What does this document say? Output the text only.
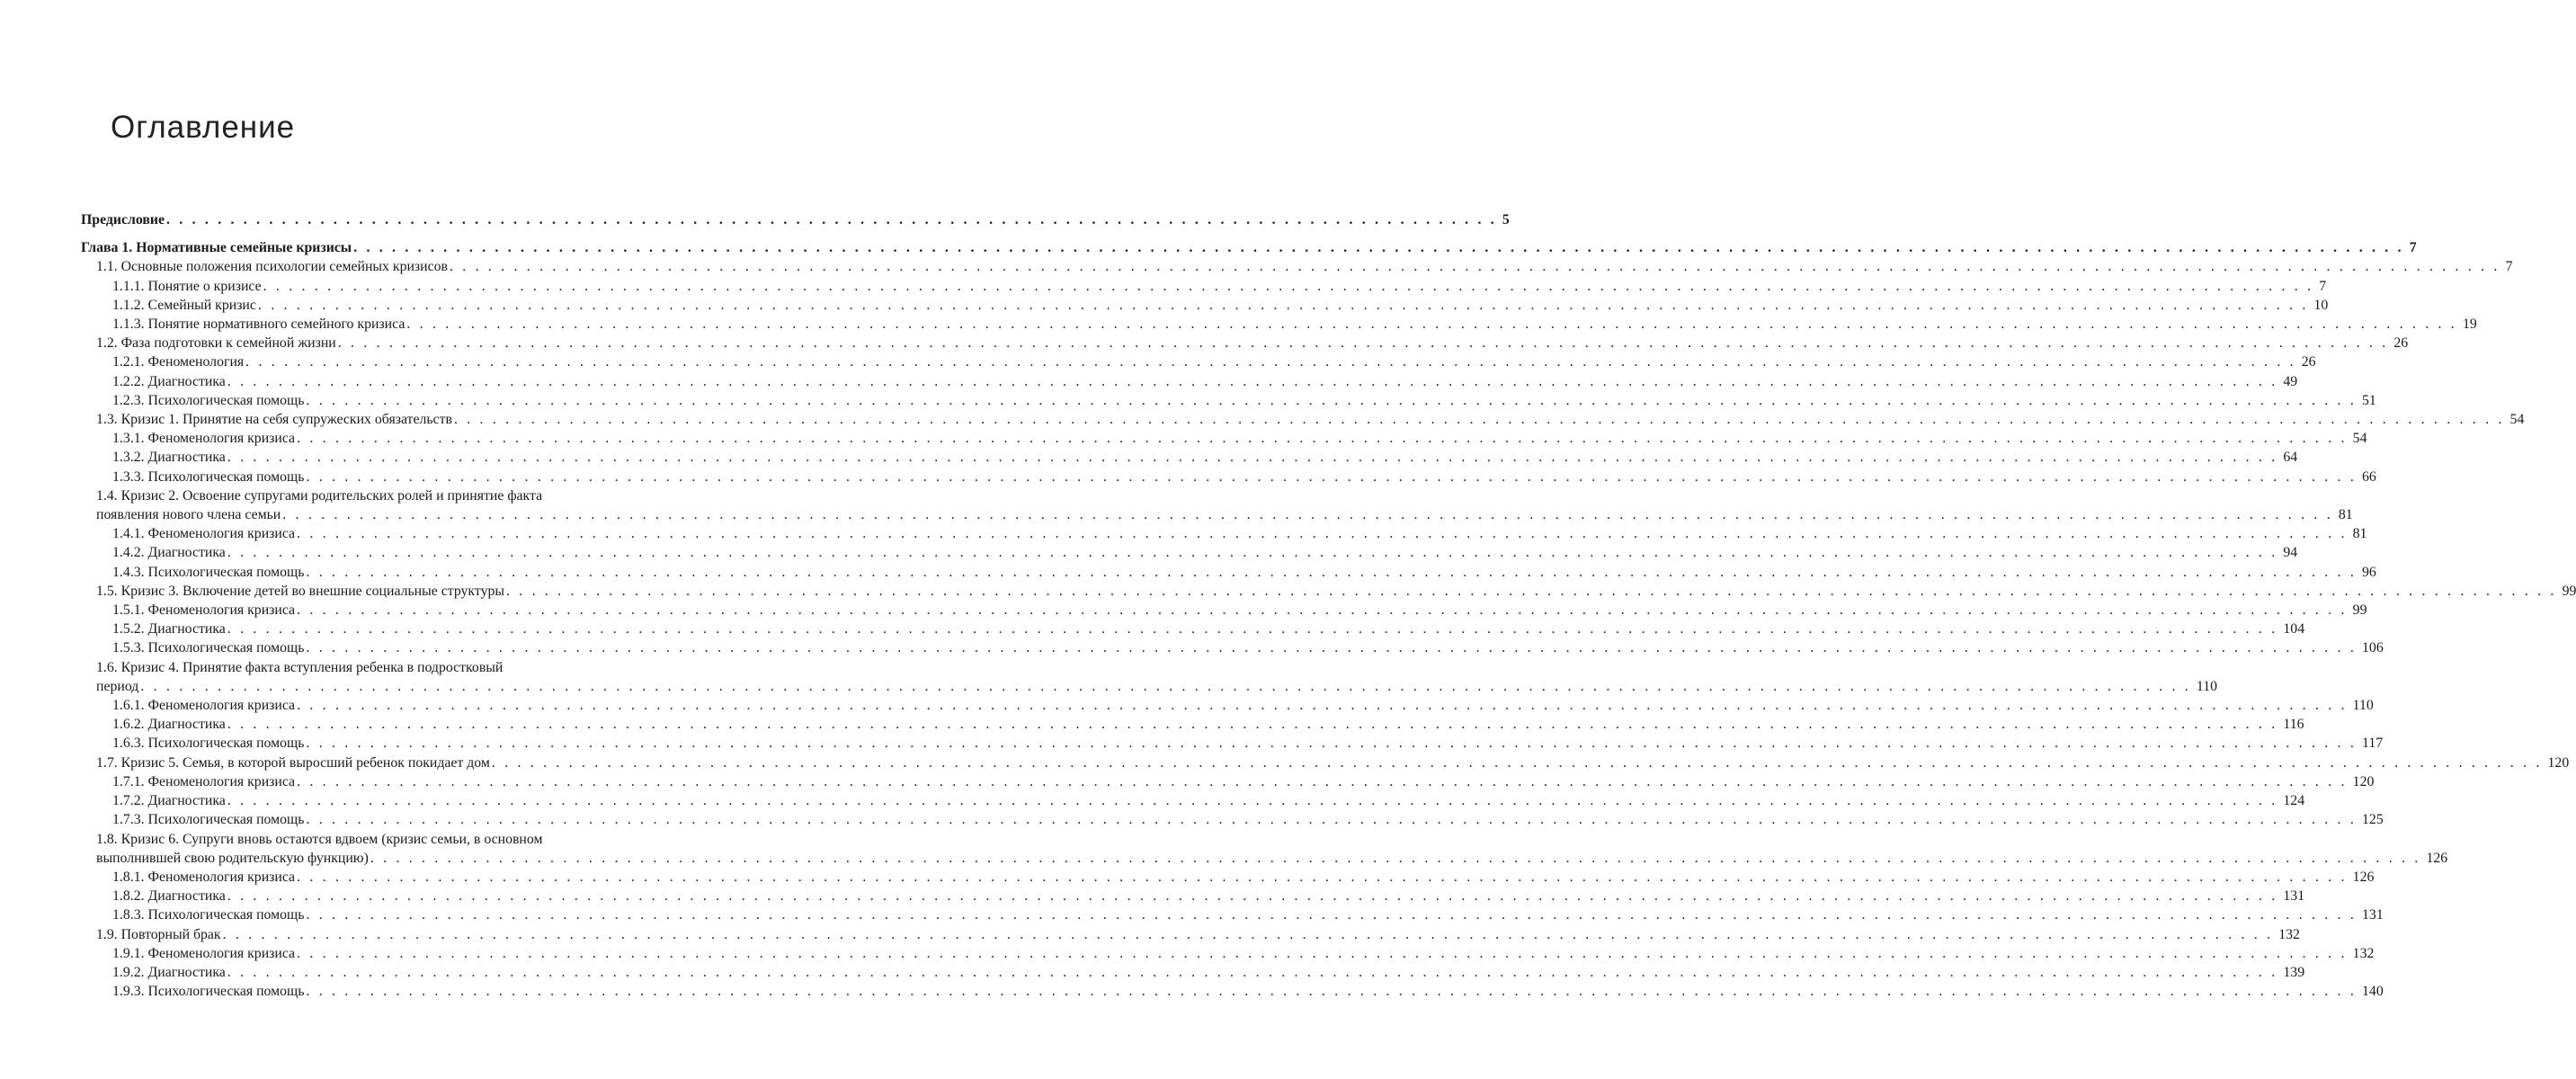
Оглавление
Предисловие . . . . . . . . . . . . . . . . . . . . . . . . . . . . . . . . . . . . . . . . . . . . . . . . . . . . . . . . . . . . . . . . . . . . . . . . . . . . . . . . . . . . . . . . . . . . . . . . . . . . . . . . 5
Глава 1. Нормативные семейные кризисы . . . . . . . . . . . . . . . . . . . . . . . . . . . . . . . . . . . . . . . . . . . . . . . . . . . . . . . . . . . . . . . . . . . . . . . . . . . . . . . . . . . . . . . . . . . . . . . . . . . . . . . . . . . . . . . . . . . . . . . . . . . . . . . . . . . . . . . . . . . . . . . . . . . . . . . . . . . . . . . . 7
1.1. Основные положения психологии семейных кризисов . . . . . . . . . . . . . . . . . . . . . . . . . . . . . . . . . . . . . . . . . . . . . . . . . . . . . . . . . . . . . . . . . . . . . . . . . . . . . . . . . . . . . . . . . . . . . . . . . . . . . . . . . . . . . . . . . . . . . . . . . . . . . . . . . . . . . . . . . . . . . . . . . . . . . . . . . . . . . . . . 7
1.1.1. Понятие о кризисе . . . . . . . . . . . . . . . . . . . . . . . . . . . . . . . . . . . . . . . . . . . . . . . . . . . . . . . . . . . . . . . . . . . . . . . . . . . . . . . . . . . . . . . . . . . . . . . . . . . . . . . . . . . . . . . . . . . . . . . . . . . . . . . . . . . . . . . . . . . . . . . . . . . . . . . . . . . . . . . . 7
1.1.2. Семейный кризис . . . . . . . . . . . . . . . . . . . . . . . . . . . . . . . . . . . . . . . . . . . . . . . . . . . . . . . . . . . . . . . . . . . . . . . . . . . . . . . . . . . . . . . . . . . . . . . . . . . . . . . . . . . . . . . . . . . . . . . . . . . . . . . . . . . . . . . . . . . . . . . . . . . . . . . . . . . . . . . . 10
1.1.3. Понятие нормативного семейного кризиса . . . . . . . . . . . . . . . . . . . . . . . . . . . . . . . . . . . . . . . . . . . . . . . . . . . . . . . . . . . . . . . . . . . . . . . . . . . . . . . . . . . . . . . . . . . . . . . . . . . . . . . . . . . . . . . . . . . . . . . . . . . . . . . . . . . . . . . . . . . . . . . . . . . . . . . . . . . . . . . . 19
1.2. Фаза подготовки к семейной жизни . . . . . . . . . . . . . . . . . . . . . . . . . . . . . . . . . . . . . . . . . . . . . . . . . . . . . . . . . . . . . . . . . . . . . . . . . . . . . . . . . . . . . . . . . . . . . . . . . . . . . . . . . . . . . . . . . . . . . . . . . . . . . . . . . . . . . . . . . . . . . . . . . . . . . . . . . . . . . . . . 26
1.2.1. Феноменология . . . . . . . . . . . . . . . . . . . . . . . . . . . . . . . . . . . . . . . . . . . . . . . . . . . . . . . . . . . . . . . . . . . . . . . . . . . . . . . . . . . . . . . . . . . . . . . . . . . . . . . . . . . . . . . . . . . . . . . . . . . . . . . . . . . . . . . . . . . . . . . . . . . . . . . . . . . . . . . . 26
1.2.2. Диагностика . . . . . . . . . . . . . . . . . . . . . . . . . . . . . . . . . . . . . . . . . . . . . . . . . . . . . . . . . . . . . . . . . . . . . . . . . . . . . . . . . . . . . . . . . . . . . . . . . . . . . . . . . . . . . . . . . . . . . . . . . . . . . . . . . . . . . . . . . . . . . . . . . . . . . . . . . . . . . . . . 49
1.2.3. Психологическая помощь . . . . . . . . . . . . . . . . . . . . . . . . . . . . . . . . . . . . . . . . . . . . . . . . . . . . . . . . . . . . . . . . . . . . . . . . . . . . . . . . . . . . . . . . . . . . . . . . . . . . . . . . . . . . . . . . . . . . . . . . . . . . . . . . . . . . . . . . . . . . . . . . . . . . . . . . . . . . . . . . 51
1.3. Кризис 1. Принятие на себя супружеских обязательств . . . . . . . . . . . . . . . . . . . . . . . . . . . . . . . . . . . . . . . . . . . . . . . . . . . . . . . . . . . . . . . . . . . . . . . . . . . . . . . . . . . . . . . . . . . . . . . . . . . . . . . . . . . . . . . . . . . . . . . . . . . . . . . . . . . . . . . . . . . . . . . . . . . . . . . . . . . . . . . . 54
1.3.1. Феноменология кризиса . . . . . . . . . . . . . . . . . . . . . . . . . . . . . . . . . . . . . . . . . . . . . . . . . . . . . . . . . . . . . . . . . . . . . . . . . . . . . . . . . . . . . . . . . . . . . . . . . . . . . . . . . . . . . . . . . . . . . . . . . . . . . . . . . . . . . . . . . . . . . . . . . . . . . . . . . . . . . . . . 54
1.3.2. Диагностика . . . . . . . . . . . . . . . . . . . . . . . . . . . . . . . . . . . . . . . . . . . . . . . . . . . . . . . . . . . . . . . . . . . . . . . . . . . . . . . . . . . . . . . . . . . . . . . . . . . . . . . . . . . . . . . . . . . . . . . . . . . . . . . . . . . . . . . . . . . . . . . . . . . . . . . . . . . . . . . . 64
1.3.3. Психологическая помощь . . . . . . . . . . . . . . . . . . . . . . . . . . . . . . . . . . . . . . . . . . . . . . . . . . . . . . . . . . . . . . . . . . . . . . . . . . . . . . . . . . . . . . . . . . . . . . . . . . . . . . . . . . . . . . . . . . . . . . . . . . . . . . . . . . . . . . . . . . . . . . . . . . . . . . . . . . . . . . . . 66
1.4. Кризис 2. Освоение супругами родительских ролей и принятие факта
появления нового члена семьи . . . . . . . . . . . . . . . . . . . . . . . . . . . . . . . . . . . . . . . . . . . . . . . . . . . . . . . . . . . . . . . . . . . . . . . . . . . . . . . . . . . . . . . . . . . . . . . . . . . . . . . . . . . . . . . . . . . . . . . . . . . . . . . . . . . . . . . . . . . . . . . . . . . . . . . . . . . . . . . . 81
1.4.1. Феноменология кризиса . . . . . . . . . . . . . . . . . . . . . . . . . . . . . . . . . . . . . . . . . . . . . . . . . . . . . . . . . . . . . . . . . . . . . . . . . . . . . . . . . . . . . . . . . . . . . . . . . . . . . . . . . . . . . . . . . . . . . . . . . . . . . . . . . . . . . . . . . . . . . . . . . . . . . . . . . . . . . . . . 81
1.4.2. Диагностика . . . . . . . . . . . . . . . . . . . . . . . . . . . . . . . . . . . . . . . . . . . . . . . . . . . . . . . . . . . . . . . . . . . . . . . . . . . . . . . . . . . . . . . . . . . . . . . . . . . . . . . . . . . . . . . . . . . . . . . . . . . . . . . . . . . . . . . . . . . . . . . . . . . . . . . . . . . . . . . . 94
1.4.3. Психологическая помощь . . . . . . . . . . . . . . . . . . . . . . . . . . . . . . . . . . . . . . . . . . . . . . . . . . . . . . . . . . . . . . . . . . . . . . . . . . . . . . . . . . . . . . . . . . . . . . . . . . . . . . . . . . . . . . . . . . . . . . . . . . . . . . . . . . . . . . . . . . . . . . . . . . . . . . . . . . . . . . . . 96
1.5. Кризис 3. Включение детей во внешние социальные структуры . . . . . . . . . . . . . . . . . . . . . . . . . . . . . . . . . . . . . . . . . . . . . . . . . . . . . . . . . . . . . . . . . . . . . . . . . . . . . . . . . . . . . . . . . . . . . . . . . . . . . . . . . . . . . . . . . . . . . . . . . . . . . . . . . . . . . . . . . . . . . . . . . . . . . . . . . . . . . . . . 99
1.5.1. Феноменология кризиса . . . . . . . . . . . . . . . . . . . . . . . . . . . . . . . . . . . . . . . . . . . . . . . . . . . . . . . . . . . . . . . . . . . . . . . . . . . . . . . . . . . . . . . . . . . . . . . . . . . . . . . . . . . . . . . . . . . . . . . . . . . . . . . . . . . . . . . . . . . . . . . . . . . . . . . . . . . . . . . . 99
1.5.2. Диагностика . . . . . . . . . . . . . . . . . . . . . . . . . . . . . . . . . . . . . . . . . . . . . . . . . . . . . . . . . . . . . . . . . . . . . . . . . . . . . . . . . . . . . . . . . . . . . . . . . . . . . . . . . . . . . . . . . . . . . . . . . . . . . . . . . . . . . . . . . . . . . . . . . . . . . . . . . . . . . . . . 104
1.5.3. Психологическая помощь . . . . . . . . . . . . . . . . . . . . . . . . . . . . . . . . . . . . . . . . . . . . . . . . . . . . . . . . . . . . . . . . . . . . . . . . . . . . . . . . . . . . . . . . . . . . . . . . . . . . . . . . . . . . . . . . . . . . . . . . . . . . . . . . . . . . . . . . . . . . . . . . . . . . . . . . . . . . . . . . 106
1.6. Кризис 4. Принятие факта вступления ребенка в подростковый
период . . . . . . . . . . . . . . . . . . . . . . . . . . . . . . . . . . . . . . . . . . . . . . . . . . . . . . . . . . . . . . . . . . . . . . . . . . . . . . . . . . . . . . . . . . . . . . . . . . . . . . . . . . . . . . . . . . . . . . . . . . . . . . . . . . . . . . . . . . . . . . . . . . . . . . . . . . . . . . . . 110
1.6.1. Феноменология кризиса . . . . . . . . . . . . . . . . . . . . . . . . . . . . . . . . . . . . . . . . . . . . . . . . . . . . . . . . . . . . . . . . . . . . . . . . . . . . . . . . . . . . . . . . . . . . . . . . . . . . . . . . . . . . . . . . . . . . . . . . . . . . . . . . . . . . . . . . . . . . . . . . . . . . . . . . . . . . . . . . 110
1.6.2. Диагностика . . . . . . . . . . . . . . . . . . . . . . . . . . . . . . . . . . . . . . . . . . . . . . . . . . . . . . . . . . . . . . . . . . . . . . . . . . . . . . . . . . . . . . . . . . . . . . . . . . . . . . . . . . . . . . . . . . . . . . . . . . . . . . . . . . . . . . . . . . . . . . . . . . . . . . . . . . . . . . . . 116
1.6.3. Психологическая помощь . . . . . . . . . . . . . . . . . . . . . . . . . . . . . . . . . . . . . . . . . . . . . . . . . . . . . . . . . . . . . . . . . . . . . . . . . . . . . . . . . . . . . . . . . . . . . . . . . . . . . . . . . . . . . . . . . . . . . . . . . . . . . . . . . . . . . . . . . . . . . . . . . . . . . . . . . . . . . . . . 117
1.7. Кризис 5. Семья, в которой выросший ребенок покидает дом . . . . . . . . . . . . . . . . . . . . . . . . . . . . . . . . . . . . . . . . . . . . . . . . . . . . . . . . . . . . . . . . . . . . . . . . . . . . . . . . . . . . . . . . . . . . . . . . . . . . . . . . . . . . . . . . . . . . . . . . . . . . . . . . . . . . . . . . . . . . . . . . . . . . . . . . . . . . . . . . 120
1.7.1. Феноменология кризиса . . . . . . . . . . . . . . . . . . . . . . . . . . . . . . . . . . . . . . . . . . . . . . . . . . . . . . . . . . . . . . . . . . . . . . . . . . . . . . . . . . . . . . . . . . . . . . . . . . . . . . . . . . . . . . . . . . . . . . . . . . . . . . . . . . . . . . . . . . . . . . . . . . . . . . . . . . . . . . . . 120
1.7.2. Диагностика . . . . . . . . . . . . . . . . . . . . . . . . . . . . . . . . . . . . . . . . . . . . . . . . . . . . . . . . . . . . . . . . . . . . . . . . . . . . . . . . . . . . . . . . . . . . . . . . . . . . . . . . . . . . . . . . . . . . . . . . . . . . . . . . . . . . . . . . . . . . . . . . . . . . . . . . . . . . . . . . 124
1.7.3. Психологическая помощь . . . . . . . . . . . . . . . . . . . . . . . . . . . . . . . . . . . . . . . . . . . . . . . . . . . . . . . . . . . . . . . . . . . . . . . . . . . . . . . . . . . . . . . . . . . . . . . . . . . . . . . . . . . . . . . . . . . . . . . . . . . . . . . . . . . . . . . . . . . . . . . . . . . . . . . . . . . . . . . . 125
1.8. Кризис 6. Супруги вновь остаются вдвоем (кризис семьи, в основном
выполнившей свою родительскую функцию) . . . . . . . . . . . . . . . . . . . . . . . . . . . . . . . . . . . . . . . . . . . . . . . . . . . . . . . . . . . . . . . . . . . . . . . . . . . . . . . . . . . . . . . . . . . . . . . . . . . . . . . . . . . . . . . . . . . . . . . . . . . . . . . . . . . . . . . . . . . . . . . . . . . . . . . . . . . . . . . . 126
1.8.1. Феноменология кризиса . . . . . . . . . . . . . . . . . . . . . . . . . . . . . . . . . . . . . . . . . . . . . . . . . . . . . . . . . . . . . . . . . . . . . . . . . . . . . . . . . . . . . . . . . . . . . . . . . . . . . . . . . . . . . . . . . . . . . . . . . . . . . . . . . . . . . . . . . . . . . . . . . . . . . . . . . . . . . . . . 126
1.8.2. Диагностика . . . . . . . . . . . . . . . . . . . . . . . . . . . . . . . . . . . . . . . . . . . . . . . . . . . . . . . . . . . . . . . . . . . . . . . . . . . . . . . . . . . . . . . . . . . . . . . . . . . . . . . . . . . . . . . . . . . . . . . . . . . . . . . . . . . . . . . . . . . . . . . . . . . . . . . . . . . . . . . . 131
1.8.3. Психологическая помощь . . . . . . . . . . . . . . . . . . . . . . . . . . . . . . . . . . . . . . . . . . . . . . . . . . . . . . . . . . . . . . . . . . . . . . . . . . . . . . . . . . . . . . . . . . . . . . . . . . . . . . . . . . . . . . . . . . . . . . . . . . . . . . . . . . . . . . . . . . . . . . . . . . . . . . . . . . . . . . . . 131
1.9. Повторный брак . . . . . . . . . . . . . . . . . . . . . . . . . . . . . . . . . . . . . . . . . . . . . . . . . . . . . . . . . . . . . . . . . . . . . . . . . . . . . . . . . . . . . . . . . . . . . . . . . . . . . . . . . . . . . . . . . . . . . . . . . . . . . . . . . . . . . . . . . . . . . . . . . . . . . . . . . . . . . . . . 132
1.9.1. Феноменология кризиса . . . . . . . . . . . . . . . . . . . . . . . . . . . . . . . . . . . . . . . . . . . . . . . . . . . . . . . . . . . . . . . . . . . . . . . . . . . . . . . . . . . . . . . . . . . . . . . . . . . . . . . . . . . . . . . . . . . . . . . . . . . . . . . . . . . . . . . . . . . . . . . . . . . . . . . . . . . . . . . . 132
1.9.2. Диагностика . . . . . . . . . . . . . . . . . . . . . . . . . . . . . . . . . . . . . . . . . . . . . . . . . . . . . . . . . . . . . . . . . . . . . . . . . . . . . . . . . . . . . . . . . . . . . . . . . . . . . . . . . . . . . . . . . . . . . . . . . . . . . . . . . . . . . . . . . . . . . . . . . . . . . . . . . . . . . . . . 139
1.9.3. Психологическая помощь . . . . . . . . . . . . . . . . . . . . . . . . . . . . . . . . . . . . . . . . . . . . . . . . . . . . . . . . . . . . . . . . . . . . . . . . . . . . . . . . . . . . . . . . . . . . . . . . . . . . . . . . . . . . . . . . . . . . . . . . . . . . . . . . . . . . . . . . . . . . . . . . . . . . . . . . . . . . . . . . 140
